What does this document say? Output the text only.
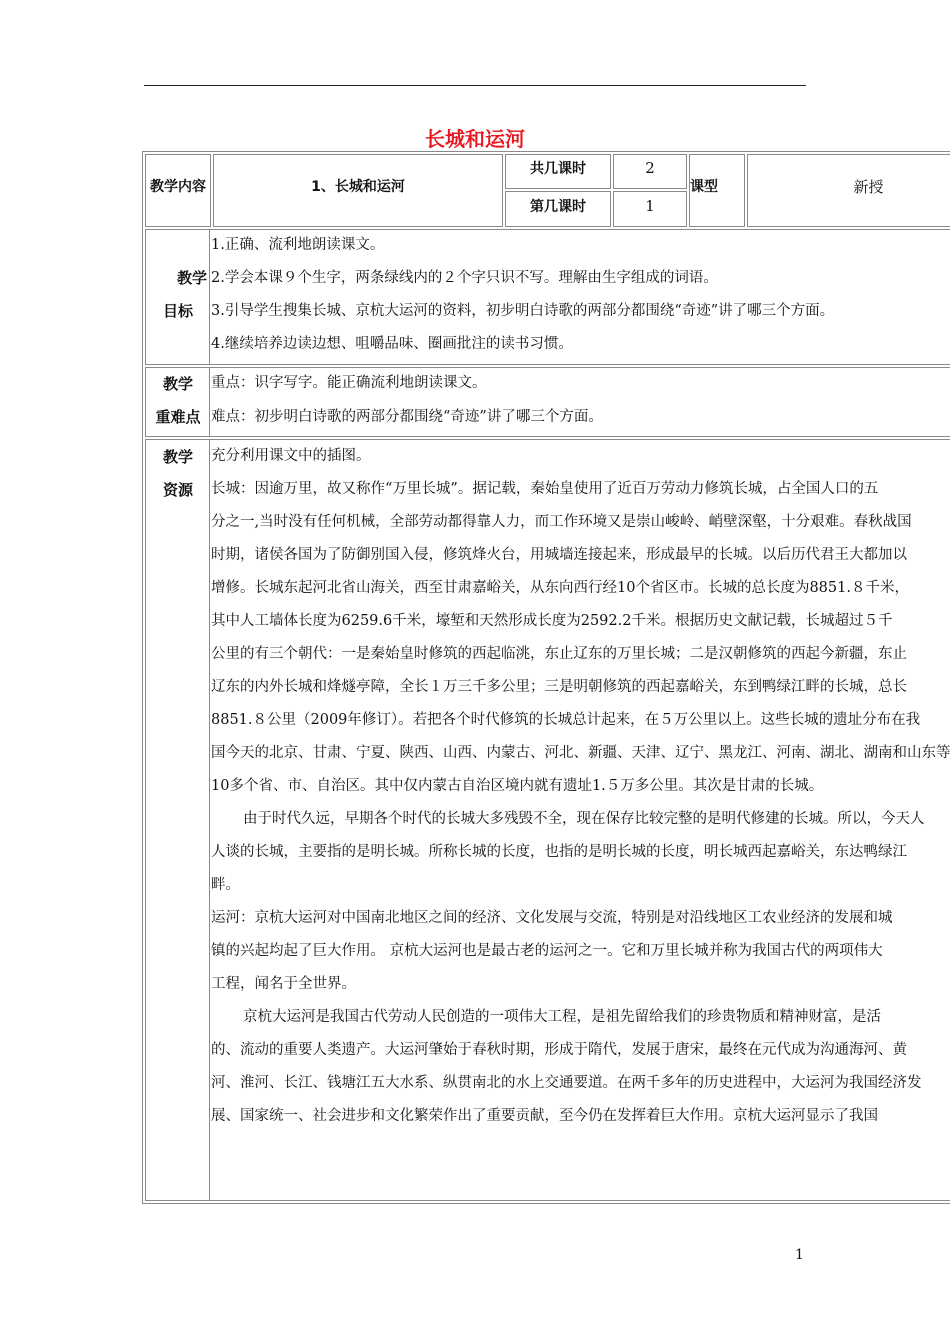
长城和运河
教学内容	1、长城和运河
共几课时	2
第几课时	1
课型	新授
教学
目标
1.正确、流利地朗读课文。
2.学会本课９个生字，两条绿线内的２个字只识不写。理解由生字组成的词语。
3.引导学生搜集长城、京杭大运河的资料，初步明白诗歌的两部分都围绕“奇迹”讲了哪三个方面。
4.继续培养边读边想、咀嚼品味、圈画批注的读书习惯。
教学
重难点
重点：识字写字。能正确流利地朗读课文。
难点：初步明白诗歌的两部分都围绕“奇迹”讲了哪三个方面。
教学
资源
充分利用课文中的插图。
长城：因逾万里，故又称作“万里长城”。据记载，秦始皇使用了近百万劳动力修筑长城，占全国人口的五
分之一,当时没有任何机械，全部劳动都得靠人力，而工作环境又是崇山峻岭、峭壁深壑，十分艰难。春秋战国
时期，诸侯各国为了防御别国入侵，修筑烽火台，用城墙连接起来，形成最早的长城。以后历代君王大都加以
增修。长城东起河北省山海关，西至甘肃嘉峪关，从东向西行经10个省区市。长城的总长度为8851.８千米，
其中人工墙体长度为6259.6千米，壕堑和天然形成长度为2592.2千米。根据历史文献记载，长城超过５千
公里的有三个朝代：一是秦始皇时修筑的西起临洮，东止辽东的万里长城；二是汉朝修筑的西起今新疆，东止
辽东的内外长城和烽燧亭障，全长１万三千多公里；三是明朝修筑的西起嘉峪关，东到鸭绿江畔的长城，总长
8851.８公里（2009年修订）。若把各个时代修筑的长城总计起来，在５万公里以上。这些长城的遗址分布在我
国今天的北京、甘肃、宁夏、陕西、山西、内蒙古、河北、新疆、天津、辽宁、黑龙江、河南、湖北、湖南和山东等
10多个省、市、自治区。其中仅内蒙古自治区境内就有遗址1.５万多公里。其次是甘肃的长城。
由于时代久远，早期各个时代的长城大多残毁不全，现在保存比较完整的是明代修建的长城。所以，今天人
人谈的长城，主要指的是明长城。所称长城的长度，也指的是明长城的长度，明长城西起嘉峪关，东达鸭绿江
畔。
运河：京杭大运河对中国南北地区之间的经济、文化发展与交流，特别是对沿线地区工农业经济的发展和城
镇的兴起均起了巨大作用。 京杭大运河也是最古老的运河之一。它和万里长城并称为我国古代的两项伟大
工程，闻名于全世界。
京杭大运河是我国古代劳动人民创造的一项伟大工程，是祖先留给我们的珍贵物质和精神财富，是活
的、流动的重要人类遗产。大运河肇始于春秋时期，形成于隋代，发展于唐宋，最终在元代成为沟通海河、黄
河、淮河、长江、钱塘江五大水系、纵贯南北的水上交通要道。在两千多年的历史进程中，大运河为我国经济发
展、国家统一、社会进步和文化繁荣作出了重要贡献，至今仍在发挥着巨大作用。京杭大运河显示了我国
1
